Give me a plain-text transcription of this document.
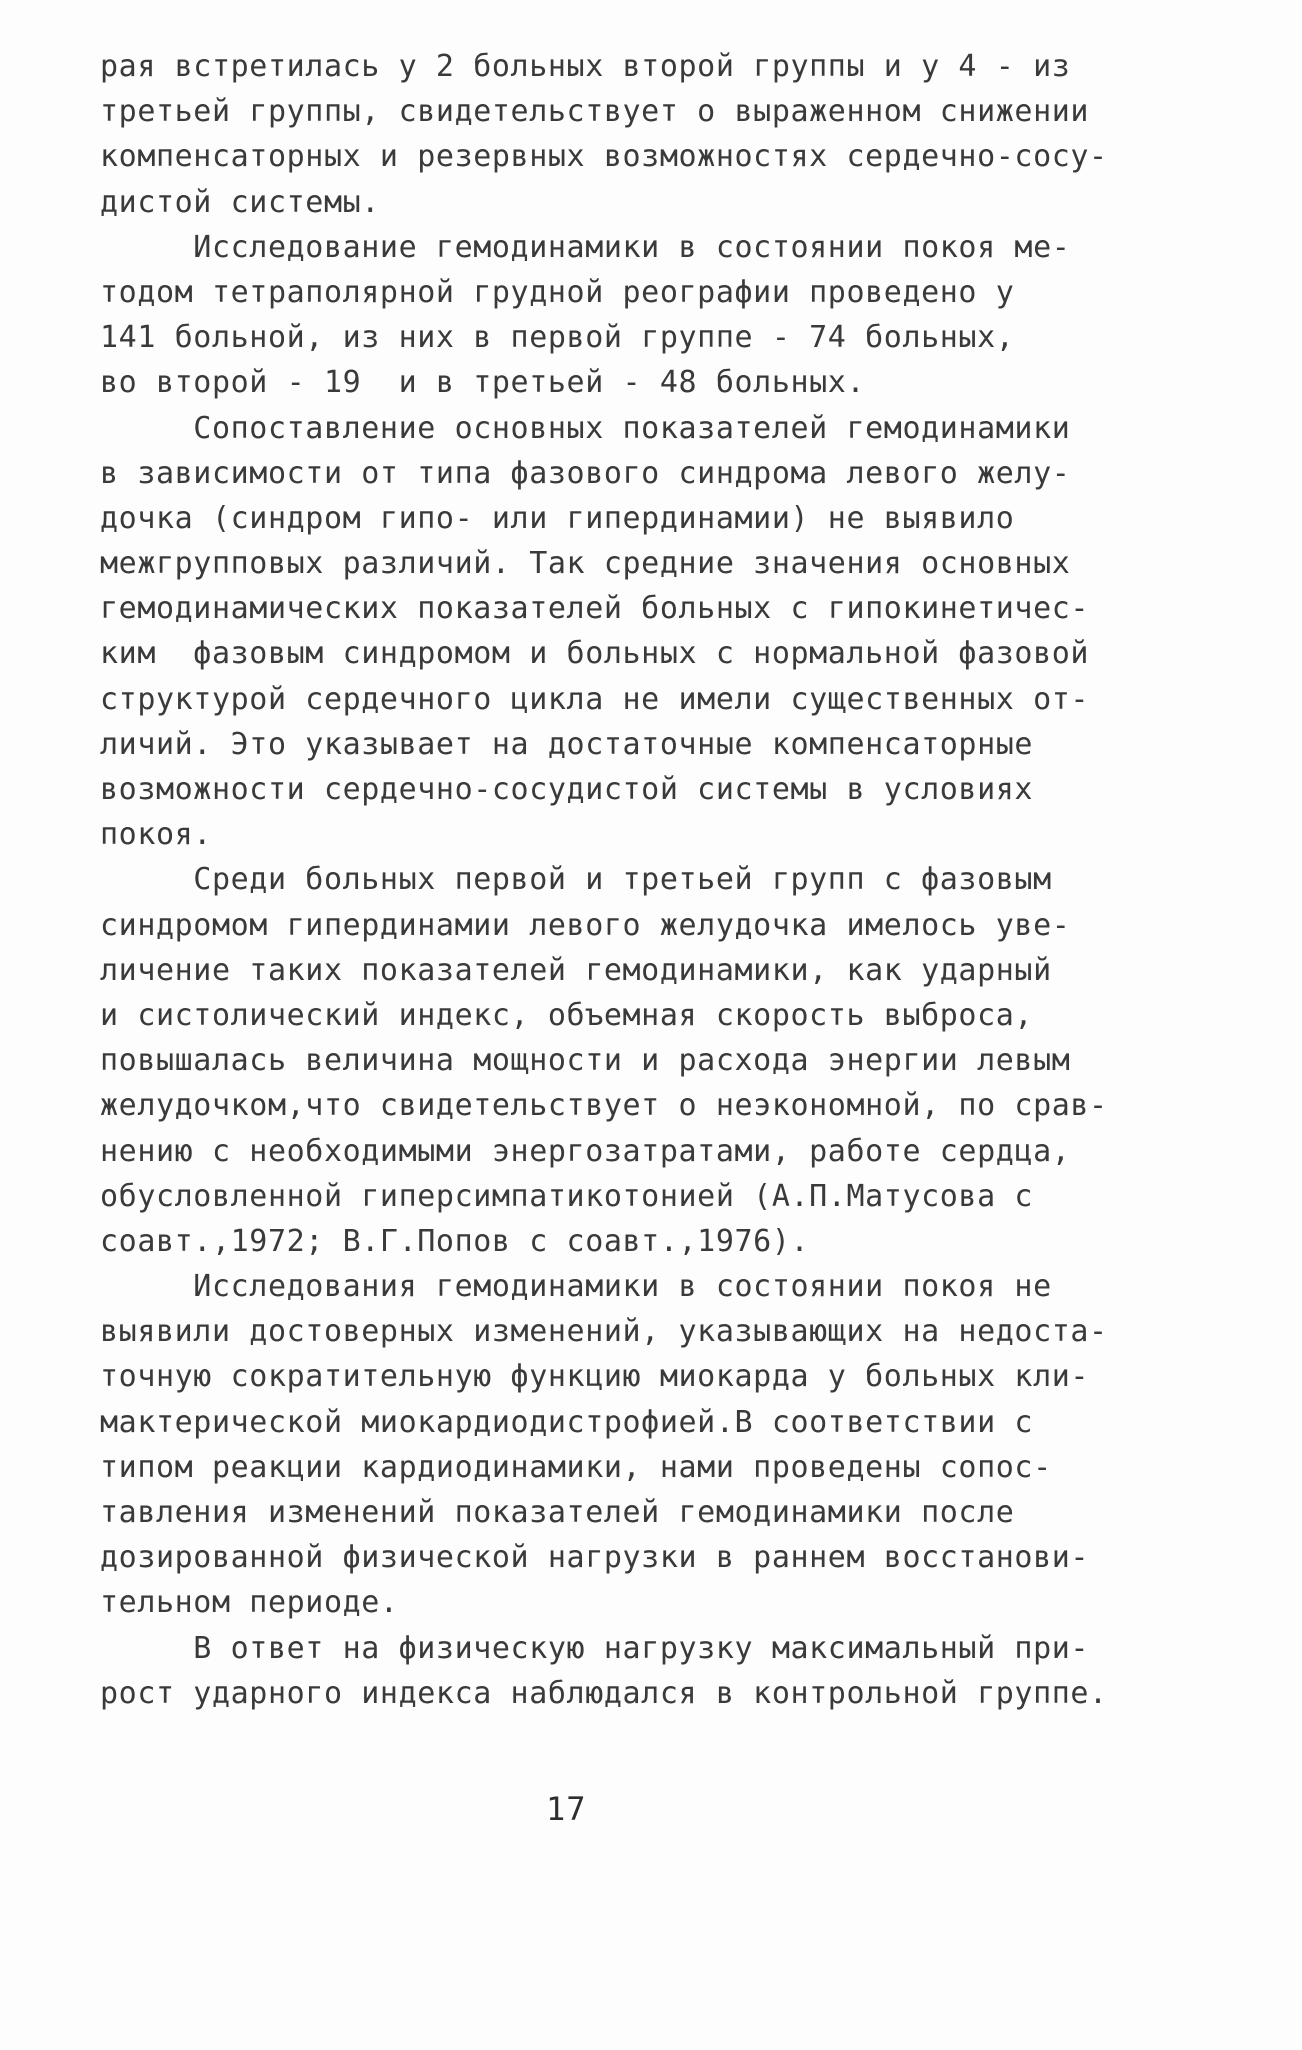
рая встретилась у 2 больных второй группы и у 4 - из
третьей группы, свидетельствует о выраженном снижении
компенсаторных и резервных возможностях сердечно-сосу-
дистой системы.
Исследование гемодинамики в состоянии покоя ме-
тодом тетраполярной грудной реографии проведено у
141 больной, из них в первой группе - 74 больных,
во второй - 19  и в третьей - 48 больных.
Сопоставление основных показателей гемодинамики
в зависимости от типа фазового синдрома левого желу-
дочка (синдром гипо- или гипердинамии) не выявило
межгрупповых различий. Так средние значения основных
гемодинамических показателей больных с гипокинетичес-
ким  фазовым синдромом и больных с нормальной фазовой
структурой сердечного цикла не имели существенных от-
личий. Это указывает на достаточные компенсаторные
возможности сердечно-сосудистой системы в условиях
покоя.
Среди больных первой и третьей групп с фазовым
синдромом гипердинамии левого желудочка имелось уве-
личение таких показателей гемодинамики, как ударный
и систолический индекс, объемная скорость выброса,
повышалась величина мощности и расхода энергии левым
желудочком,что свидетельствует о неэкономной, по срав-
нению с необходимыми энергозатратами, работе сердца,
обусловленной гиперсимпатикотонией (А.П.Матусова с
соавт.,1972; В.Г.Попов с соавт.,1976).
Исследования гемодинамики в состоянии покоя не
выявили достоверных изменений, указывающих на недоста-
точную сократительную функцию миокарда у больных кли-
мактерической миокардиодистрофией.В соответствии с
типом реакции кардиодинамики, нами проведены сопос-
тавления изменений показателей гемодинамики после
дозированной физической нагрузки в раннем восстанови-
тельном периоде.
В ответ на физическую нагрузку максимальный при-
рост ударного индекса наблюдался в контрольной группе.
17
